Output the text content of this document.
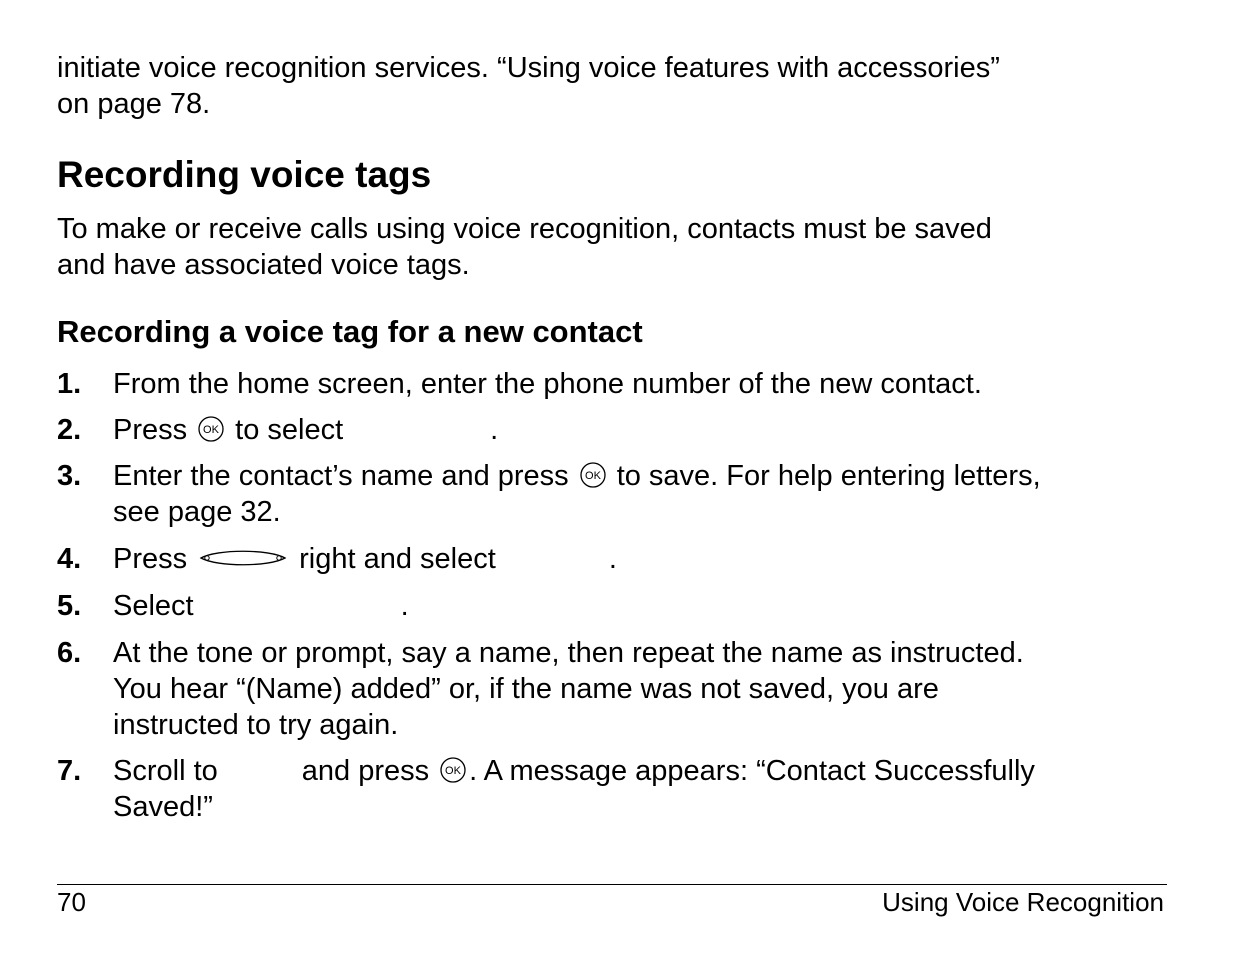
initiate voice recognition services. “Using voice features with accessories”

on page 78.

Recording voice tags

To make or receive calls using voice recognition, contacts must be saved

and have associated voice tags.

Recording a voice tag for a new contact
1. From the home screen, enter the phone number of the new contact.
2. Press to select	.
3. Enter the contact’s name and press to save. For help entering letters,
see page 32.
4. Press	right and select	.
5. Select	.
6. At the tone or prompt, say a name, then repeat the name as instructed.
You hear “(Name) added” or, if the name was not saved, you are
instructed to try again.
7. Scroll to	and press . A message appears: “Contact Successfully
Saved!”
70	Using Voice Recognition
